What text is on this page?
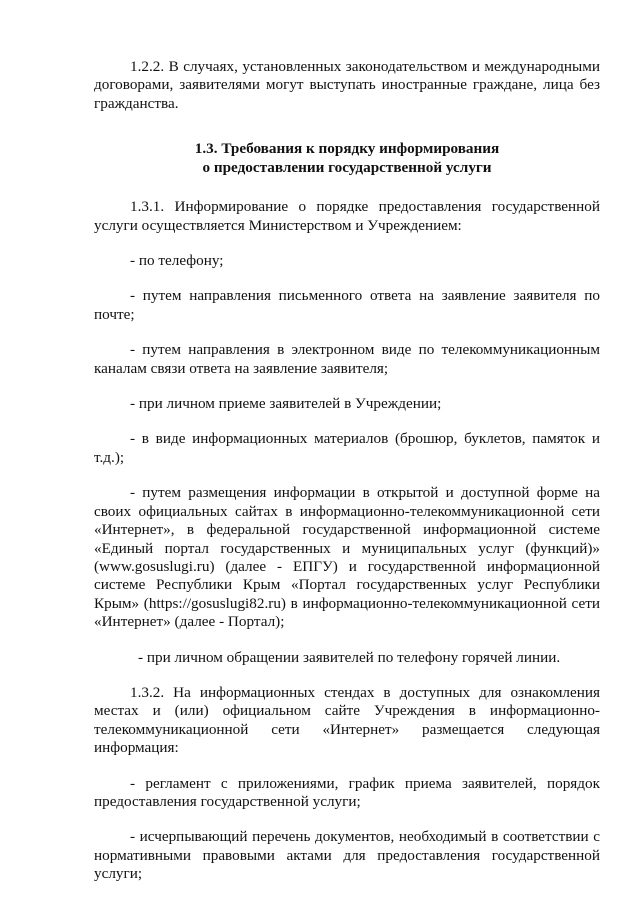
1.2.2. В случаях, установленных законодательством и международными договорами, заявителями могут выступать иностранные граждане, лица без гражданства.

1.3. Требования к порядку информирования
о предоставлении государственной услуги

1.3.1. Информирование о порядке предоставления государственной услуги осуществляется Министерством и Учреждением:

- по телефону;

- путем направления письменного ответа на заявление заявителя по почте;

- путем направления в электронном виде по телекоммуникационным каналам связи ответа на заявление заявителя;

- при личном приеме заявителей в Учреждении;

- в виде информационных материалов (брошюр, буклетов, памяток и т.д.);

- путем размещения информации в открытой и доступной форме на своих официальных сайтах в информационно-телекоммуникационной сети «Интернет», в федеральной государственной информационной системе «Единый портал государственных и муниципальных услуг (функций)» (www.gosuslugi.ru) (далее - ЕПГУ) и государственной информационной системе Республики Крым «Портал государственных услуг Республики Крым» (https://gosuslugi82.ru) в информационно-телекоммуникационной сети «Интернет» (далее - Портал);

- при личном обращении заявителей по телефону горячей линии.

1.3.2. На информационных стендах в доступных для ознакомления местах и (или) официальном сайте Учреждения в информационно-телекоммуникационной сети «Интернет» размещается следующая информация:

- регламент с приложениями, график приема заявителей, порядок предоставления государственной услуги;

- исчерпывающий перечень документов, необходимый в соответствии с нормативными правовыми актами для предоставления государственной услуги;
